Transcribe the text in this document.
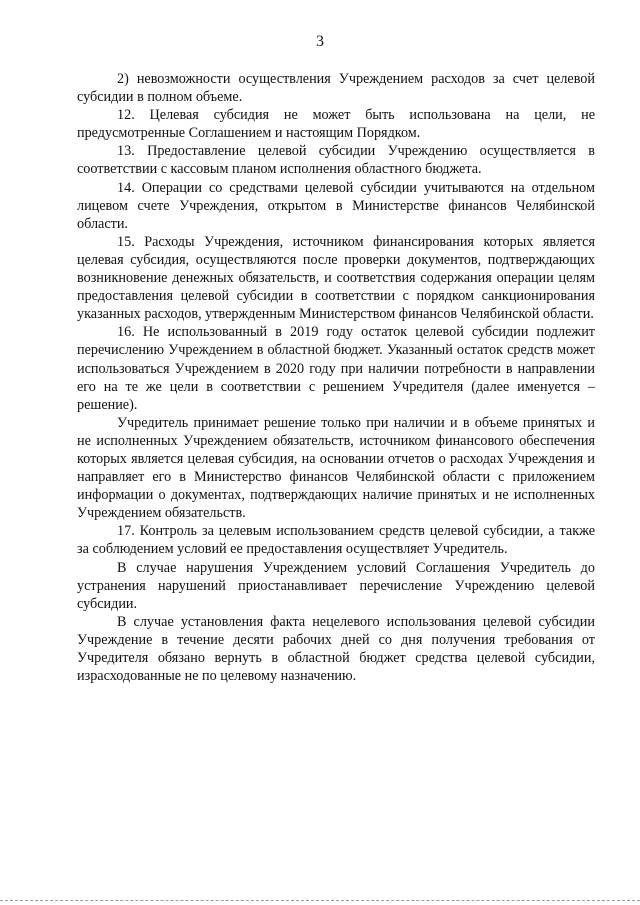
3

2) невозможности осуществления Учреждением расходов за счет целевой субсидии в полном объеме.

12. Целевая субсидия не может быть использована на цели, не предусмотренные Соглашением и настоящим Порядком.

13. Предоставление целевой субсидии Учреждению осуществляется в соответствии с кассовым планом исполнения областного бюджета.

14. Операции со средствами целевой субсидии учитываются на отдельном лицевом счете Учреждения, открытом в Министерстве финансов Челябинской области.

15. Расходы Учреждения, источником финансирования которых является целевая субсидия, осуществляются после проверки документов, подтверждающих возникновение денежных обязательств, и соответствия содержания операции целям предоставления целевой субсидии в соответствии с порядком санкционирования указанных расходов, утвержденным Министерством финансов Челябинской области.

16. Не использованный в 2019 году остаток целевой субсидии подлежит перечислению Учреждением в областной бюджет. Указанный остаток средств может использоваться Учреждением в 2020 году при наличии потребности в направлении его на те же цели в соответствии с решением Учредителя (далее именуется – решение).

Учредитель принимает решение только при наличии и в объеме принятых и не исполненных Учреждением обязательств, источником финансового обеспечения которых является целевая субсидия, на основании отчетов о расходах Учреждения и направляет его в Министерство финансов Челябинской области с приложением информации о документах, подтверждающих наличие принятых и не исполненных Учреждением обязательств.

17. Контроль за целевым использованием средств целевой субсидии, а также за соблюдением условий ее предоставления осуществляет Учредитель.

В случае нарушения Учреждением условий Соглашения Учредитель до устранения нарушений приостанавливает перечисление Учреждению целевой субсидии.

В случае установления факта нецелевого использования целевой субсидии Учреждение в течение десяти рабочих дней со дня получения требования от Учредителя обязано вернуть в областной бюджет средства целевой субсидии, израсходованные не по целевому назначению.
